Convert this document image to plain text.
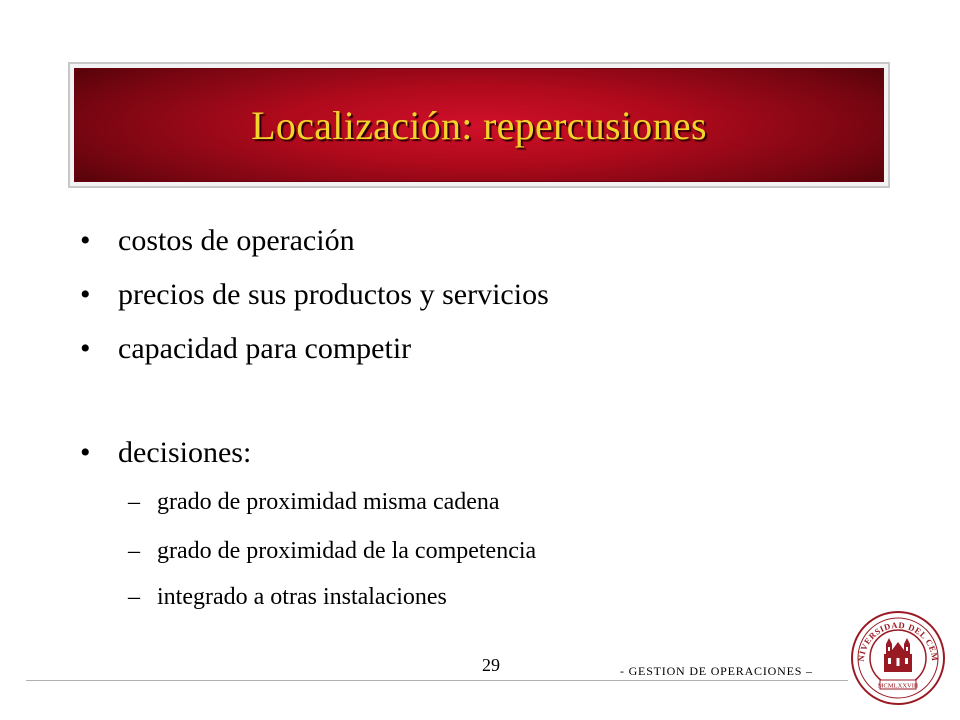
Localización: repercusiones
• costos de operación
• precios de sus productos y servicios
• capacidad para competir
• decisiones:
– grado de proximidad misma cadena
– grado de proximidad de la competencia
– integrado a otras instalaciones
29	- GESTION DE OPERACIONES –
NIVERSIDAD DEL CEM
MCMLXXVIII
